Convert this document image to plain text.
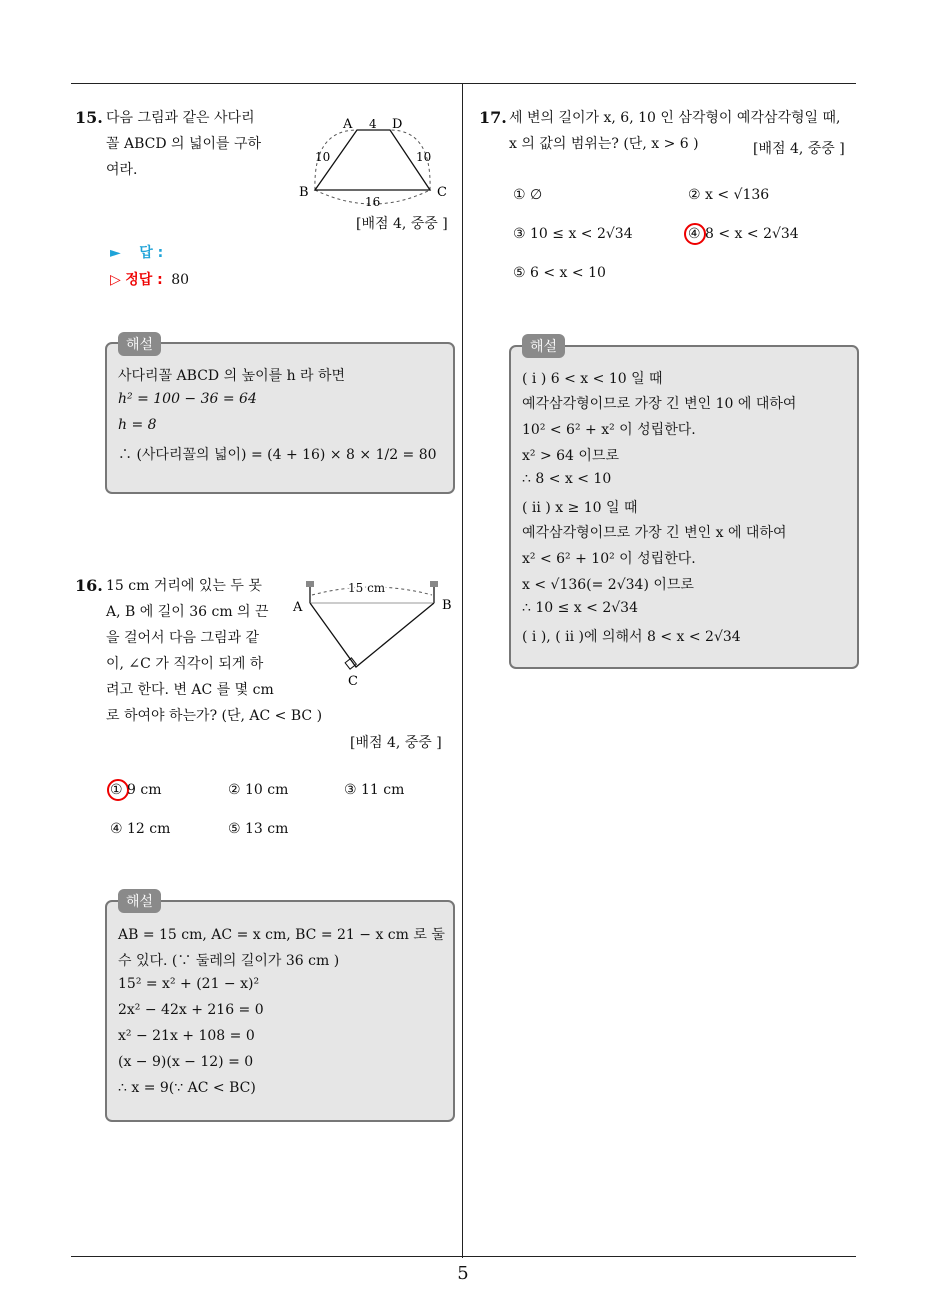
5
15. 다음 그림과 같은 사다리
꼴 ABCD 의 넓이를 구하
여라.
A	D
4
10	10
B	C
16
[배점 4, 중중 ]
► 답 :
▷ 정답 : 80
해설
사다리꼴 ABCD 의 높이를 h 라 하면
h² = 100 − 36 = 64
h = 8
∴ (사다리꼴의 넓이) = (4 + 16) × 8 × 1/2 = 80
16. 15 cm 거리에 있는 두 못
A, B 에 길이 36 cm 의 끈
을 걸어서 다음 그림과 같
이, ∠C 가 직각이 되게 하
려고 한다. 변 AC 를 몇 cm
로 하여야 하는가? (단, AC < BC )
15 cm
A	B
C
[배점 4, 중중 ]
① 9 cm	② 10 cm	③ 11 cm
④ 12 cm	⑤ 13 cm
해설
AB = 15 cm, AC = x cm, BC = 21 − x cm 로 둘
수 있다. (∵ 둘레의 길이가 36 cm )
15² = x² + (21 − x)²
2x² − 42x + 216 = 0
x² − 21x + 108 = 0
(x − 9)(x − 12) = 0
∴ x = 9(∵ AC < BC)
17. 세 변의 길이가 x, 6, 10 인 삼각형이 예각삼각형일 때,
x 의 값의 범위는? (단, x > 6 )	[배점 4, 중중 ]
① ∅	② x < √136
③ 10 ≤ x < 2√34	④ 8 < x < 2√34
⑤ 6 < x < 10
해설
( i ) 6 < x < 10 일 때
예각삼각형이므로 가장 긴 변인 10 에 대하여
10² < 6² + x² 이 성립한다.
x² > 64 이므로
∴ 8 < x < 10
( ii ) x ≥ 10 일 때
예각삼각형이므로 가장 긴 변인 x 에 대하여
x² < 6² + 10² 이 성립한다.
x < √136(= 2√34) 이므로
∴ 10 ≤ x < 2√34
( i ), ( ii )에 의해서 8 < x < 2√34
